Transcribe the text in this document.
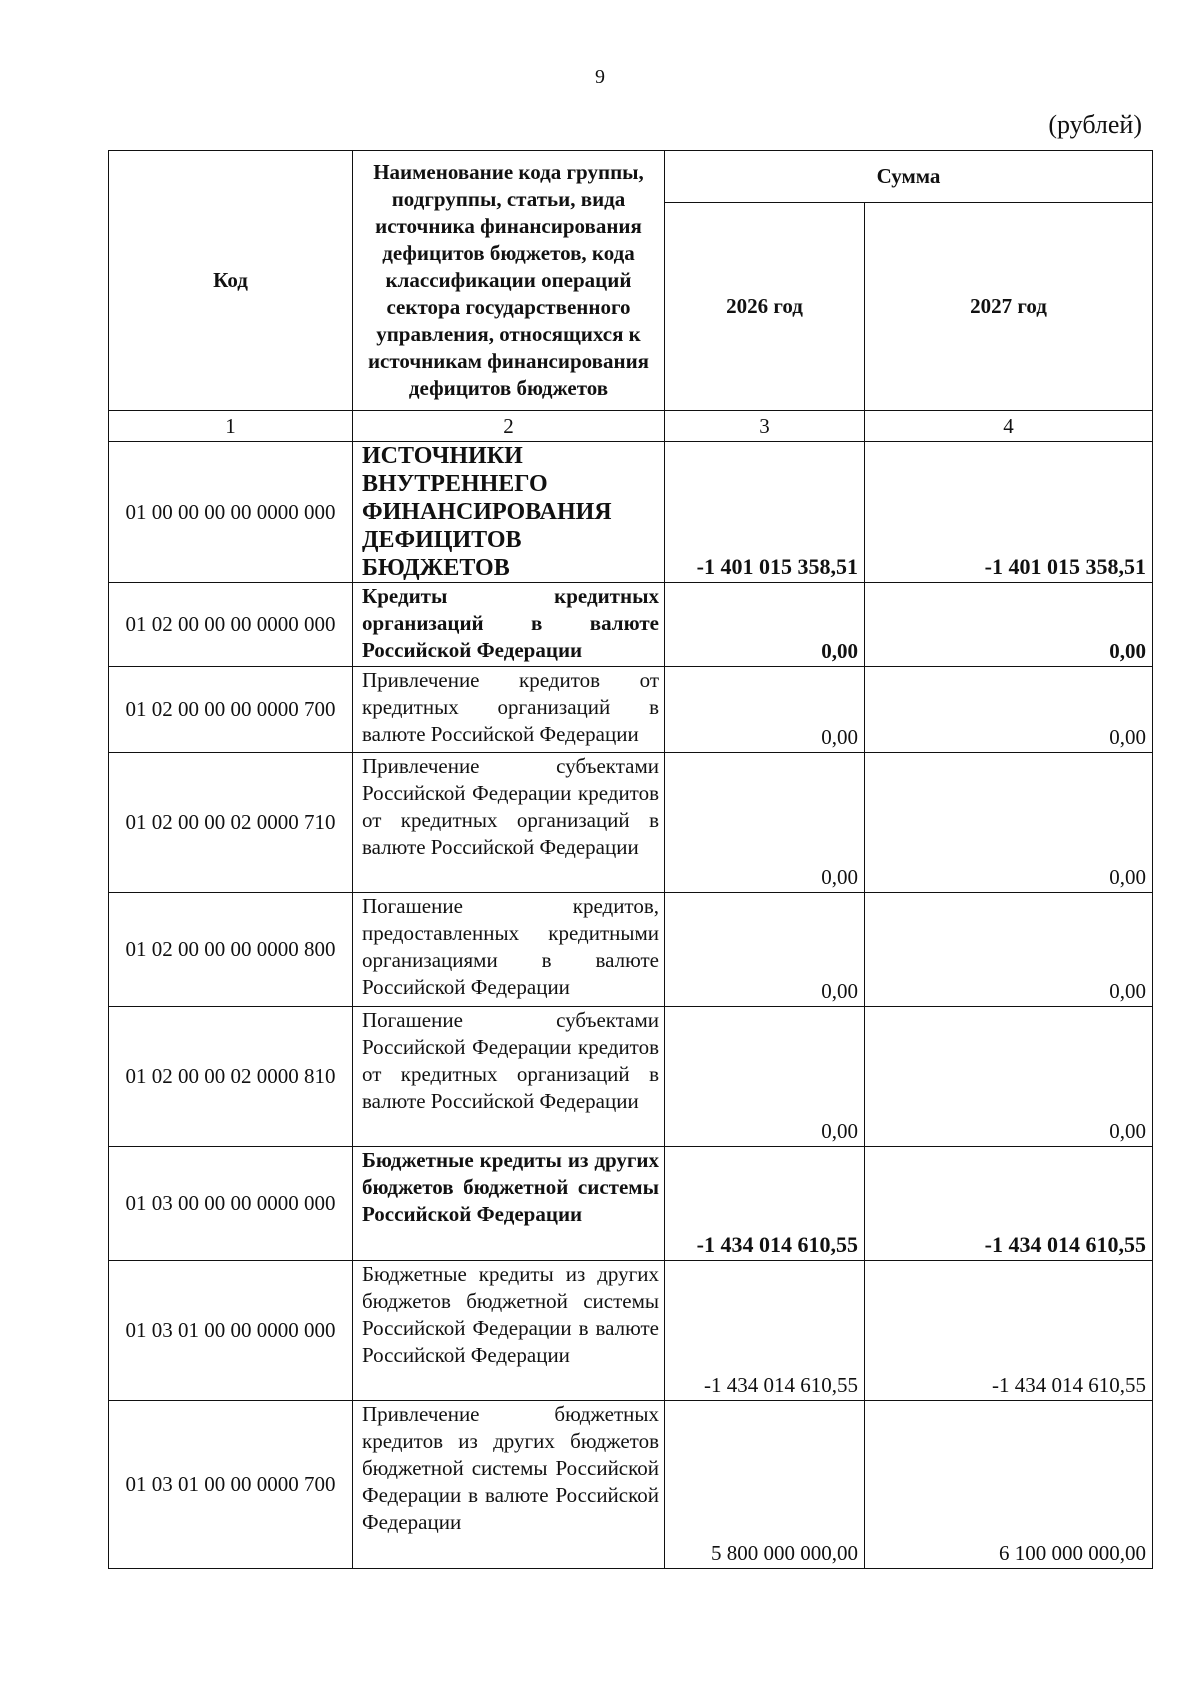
9
(рублей)
Код	Наименование кода группы, подгруппы, статьи, вида источника финансирования дефицитов бюджетов, кода классификации операций сектора государственного управления, относящихся к источникам финансирования дефицитов бюджетов	Сумма	
		2026 год	2027 год
1	2	3	4
01 00 00 00 00 0000 000	ИСТОЧНИКИ ВНУТРЕННЕГО ФИНАНСИРОВАНИЯ ДЕФИЦИТОВ БЮДЖЕТОВ	-1 401 015 358,51	-1 401 015 358,51
01 02 00 00 00 0000 000	Кредиты кредитных организаций в валюте Российской Федерации	0,00	0,00
01 02 00 00 00 0000 700	Привлечение кредитов от кредитных организаций в валюте Российской Федерации	0,00	0,00
01 02 00 00 02 0000 710	Привлечение субъектами Российской Федерации кредитов от кредитных организаций в валюте Российской Федерации	0,00	0,00
01 02 00 00 00 0000 800	Погашение кредитов, предоставленных кредитными организациями в валюте Российской Федерации	0,00	0,00
01 02 00 00 02 0000 810	Погашение субъектами Российской Федерации кредитов от кредитных организаций в валюте Российской Федерации	0,00	0,00
01 03 00 00 00 0000 000	Бюджетные кредиты из других бюджетов бюджетной системы Российской Федерации	-1 434 014 610,55	-1 434 014 610,55
01 03 01 00 00 0000 000	Бюджетные кредиты из других бюджетов бюджетной системы Российской Федерации в валюте Российской Федерации	-1 434 014 610,55	-1 434 014 610,55
01 03 01 00 00 0000 700	Привлечение бюджетных кредитов из других бюджетов бюджетной системы Российской Федерации в валюте Российской Федерации	5 800 000 000,00	6 100 000 000,00
